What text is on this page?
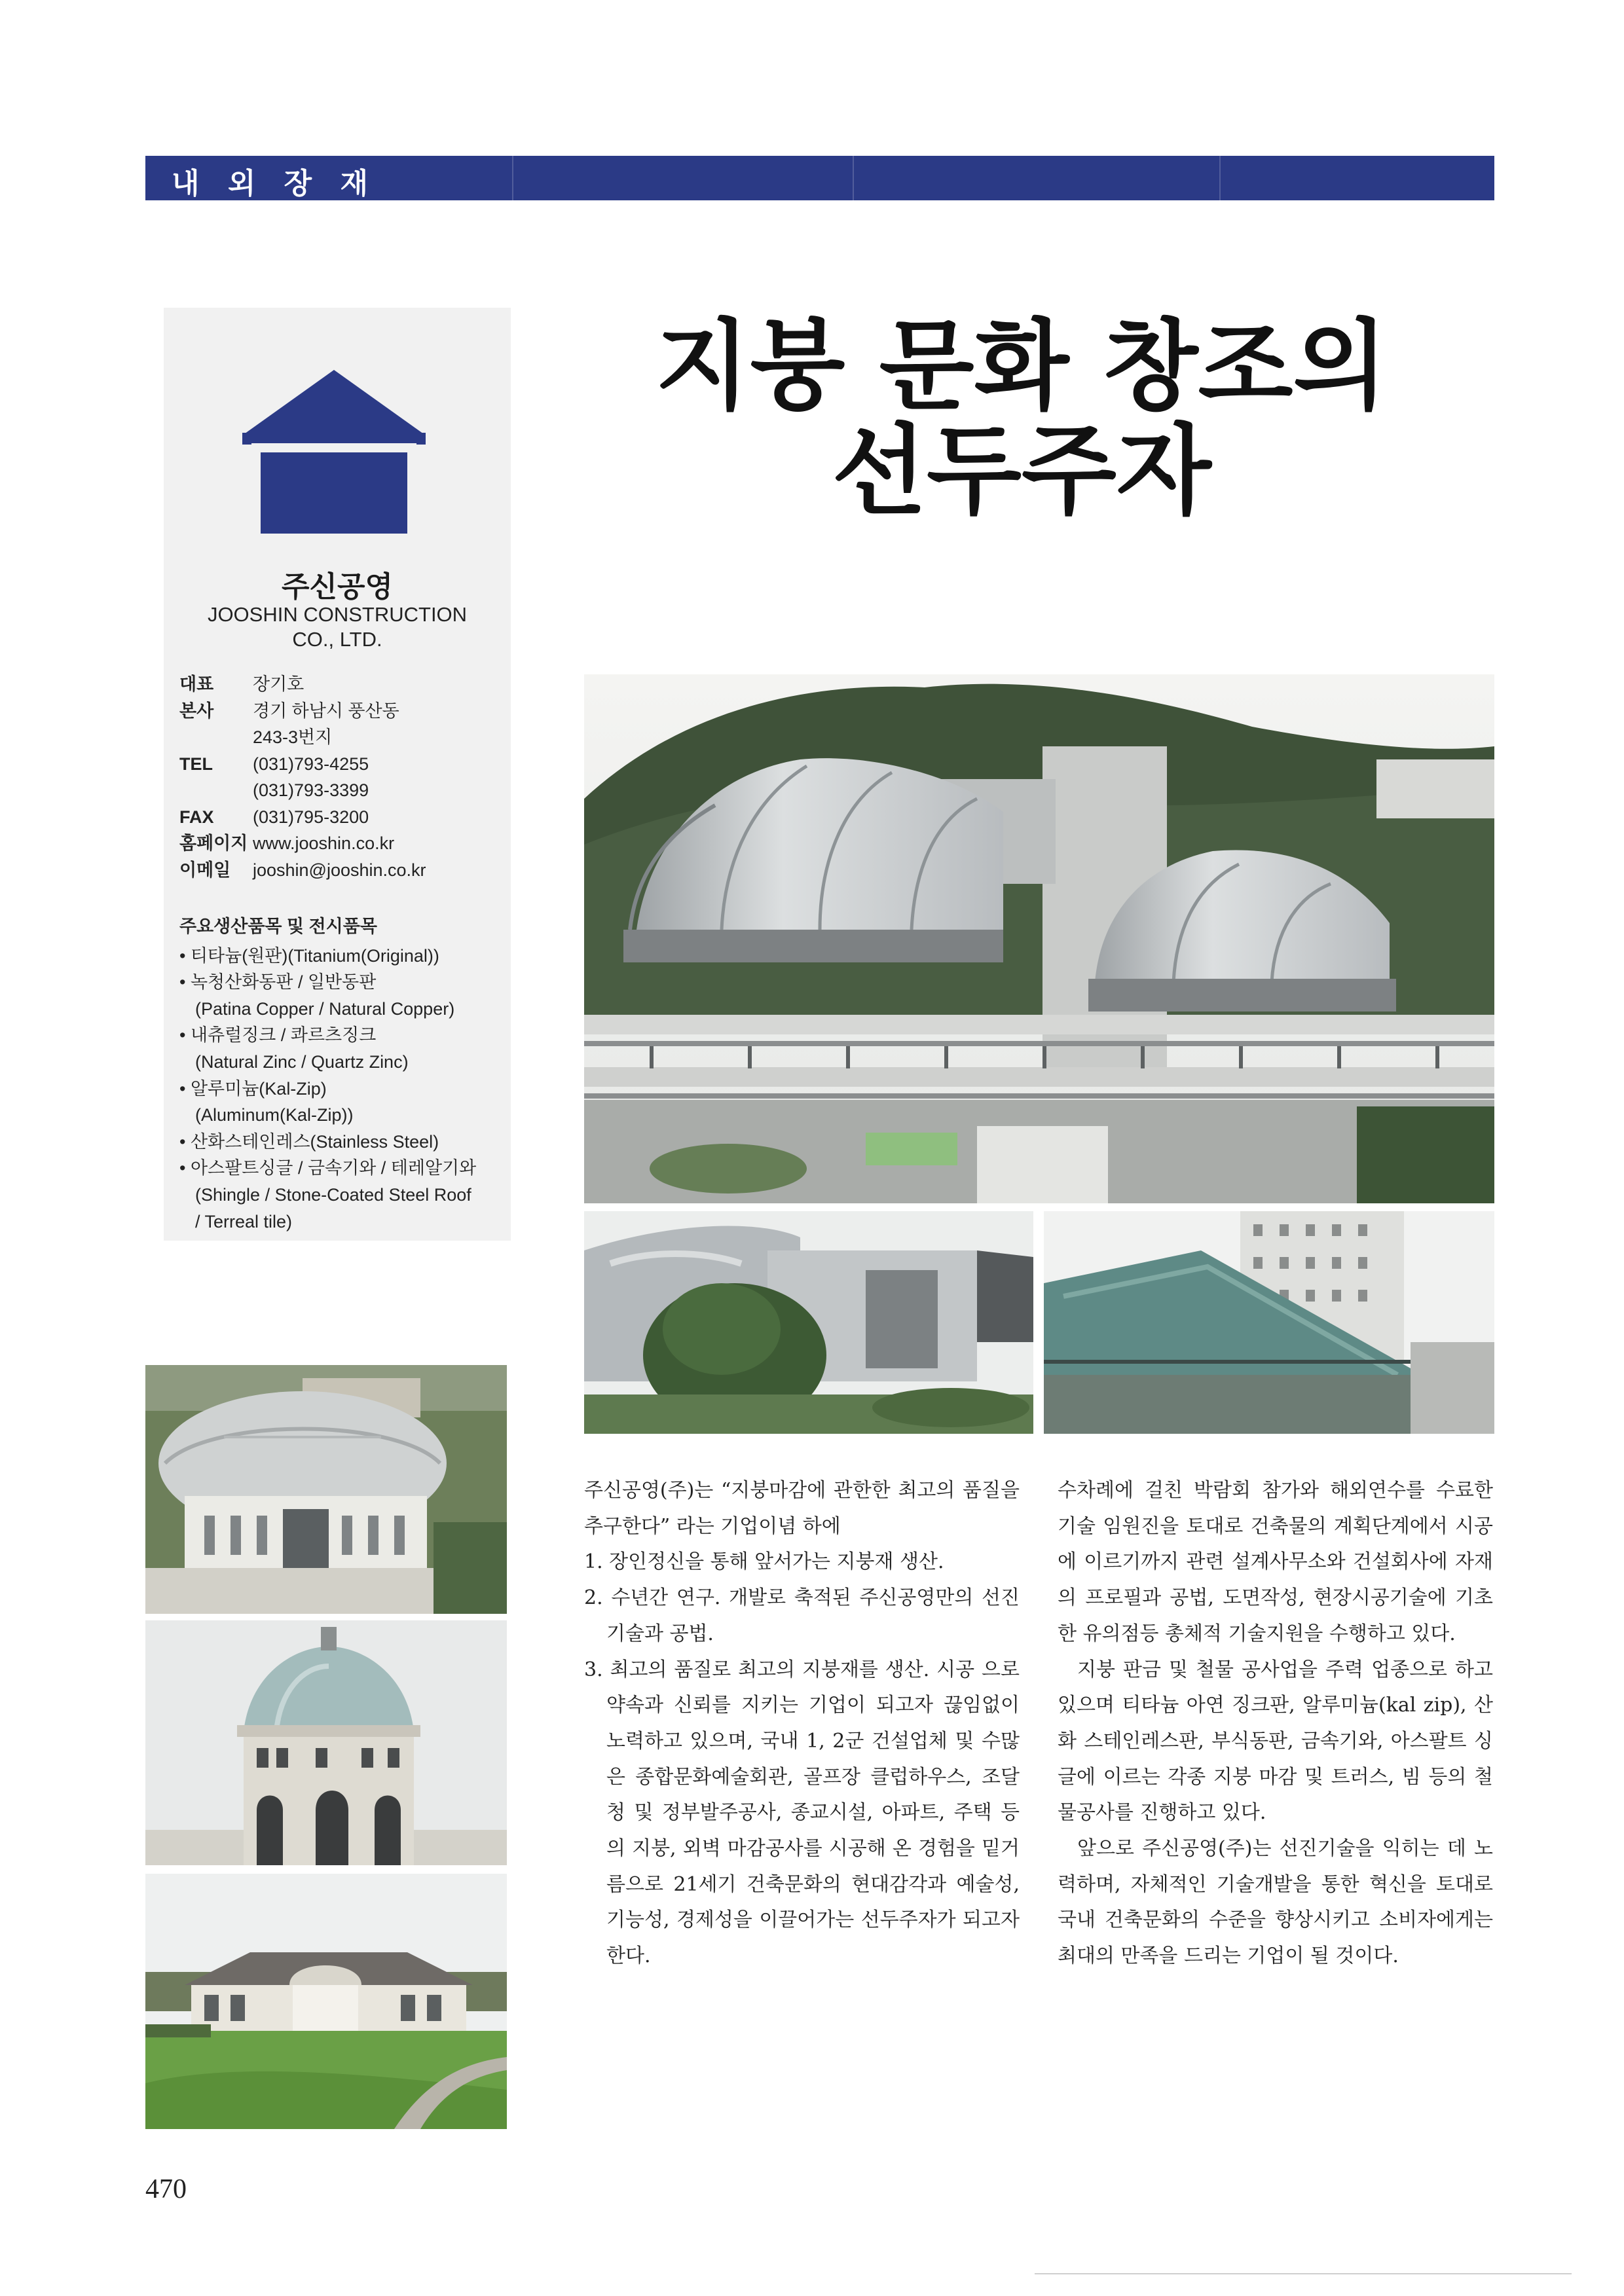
내 외 장 재
지붕 문화 창조의
선두주자
주신공영
JOOSHIN CONSTRUCTION
CO., LTD.
대표	장기호
본사	경기 하남시 풍산동
243-3번지
TEL	(031)793-4255
(031)793-3399
FAX	(031)795-3200
홈페이지 www.jooshin.co.kr
이메일	jooshin@jooshin.co.kr
주요생산품목 및 전시품목
• 티타늄(원판)(Titanium(Original))
• 녹청산화동판 / 일반동판
(Patina Copper / Natural Copper)
• 내츄럴징크 / 콰르츠징크
(Natural Zinc / Quartz Zinc)
• 알루미늄(Kal-Zip)
(Aluminum(Kal-Zip))
• 산화스테인레스(Stainless Steel)
• 아스팔트싱글 / 금속기와 / 테레알기와
(Shingle / Stone-Coated Steel Roof
/ Terreal tile)

주신공영(주)는 “지붕마감에 관한한 최고의 품질을 추구한다” 라는 기업이념 하에

1. 장인정신을 통해 앞서가는 지붕재 생산.

2. 수년간 연구. 개발로 축적된 주신공영만의 선진기술과 공법.

3. 최고의 품질로 최고의 지붕재를 생산. 시공 으로 약속과 신뢰를 지키는 기업이 되고자 끊임없이 노력하고 있으며, 국내 1, 2군 건설업체 및 수많은 종합문화예술회관, 골프장 클럽하우스, 조달청 및 정부발주공사, 종교시설, 아파트, 주택 등 의 지붕, 외벽 마감공사를 시공해 온 경험을 밑거름으로 21세기 건축문화의 현대감각과 예술성, 기능성, 경제성을 이끌어가는 선두주자가 되고자 한다.

수차례에 걸친 박람회 참가와 해외연수를 수료한 기술 임원진을 토대로 건축물의 계획단계에서 시공에 이르기까지 관련 설계사무소와 건설회사에 자재의 프로필과 공법, 도면작성, 현장시공기술에 기초한 유의점등 총체적 기술지원을 수행하고 있다.

지붕 판금 및 철물 공사업을 주력 업종으로 하고 있으며 티타늄 아연 징크판, 알루미늄(kal zip), 산화 스테인레스판, 부식동판, 금속기와, 아스팔트 싱글에 이르는 각종 지붕 마감 및 트러스, 빔 등의 철물공사를 진행하고 있다.

앞으로 주신공영(주)는 선진기술을 익히는 데 노력하며, 자체적인 기술개발을 통한 혁신을 토대로 국내 건축문화의 수준을 향상시키고 소비자에게는 최대의 만족을 드리는 기업이 될 것이다.

470
